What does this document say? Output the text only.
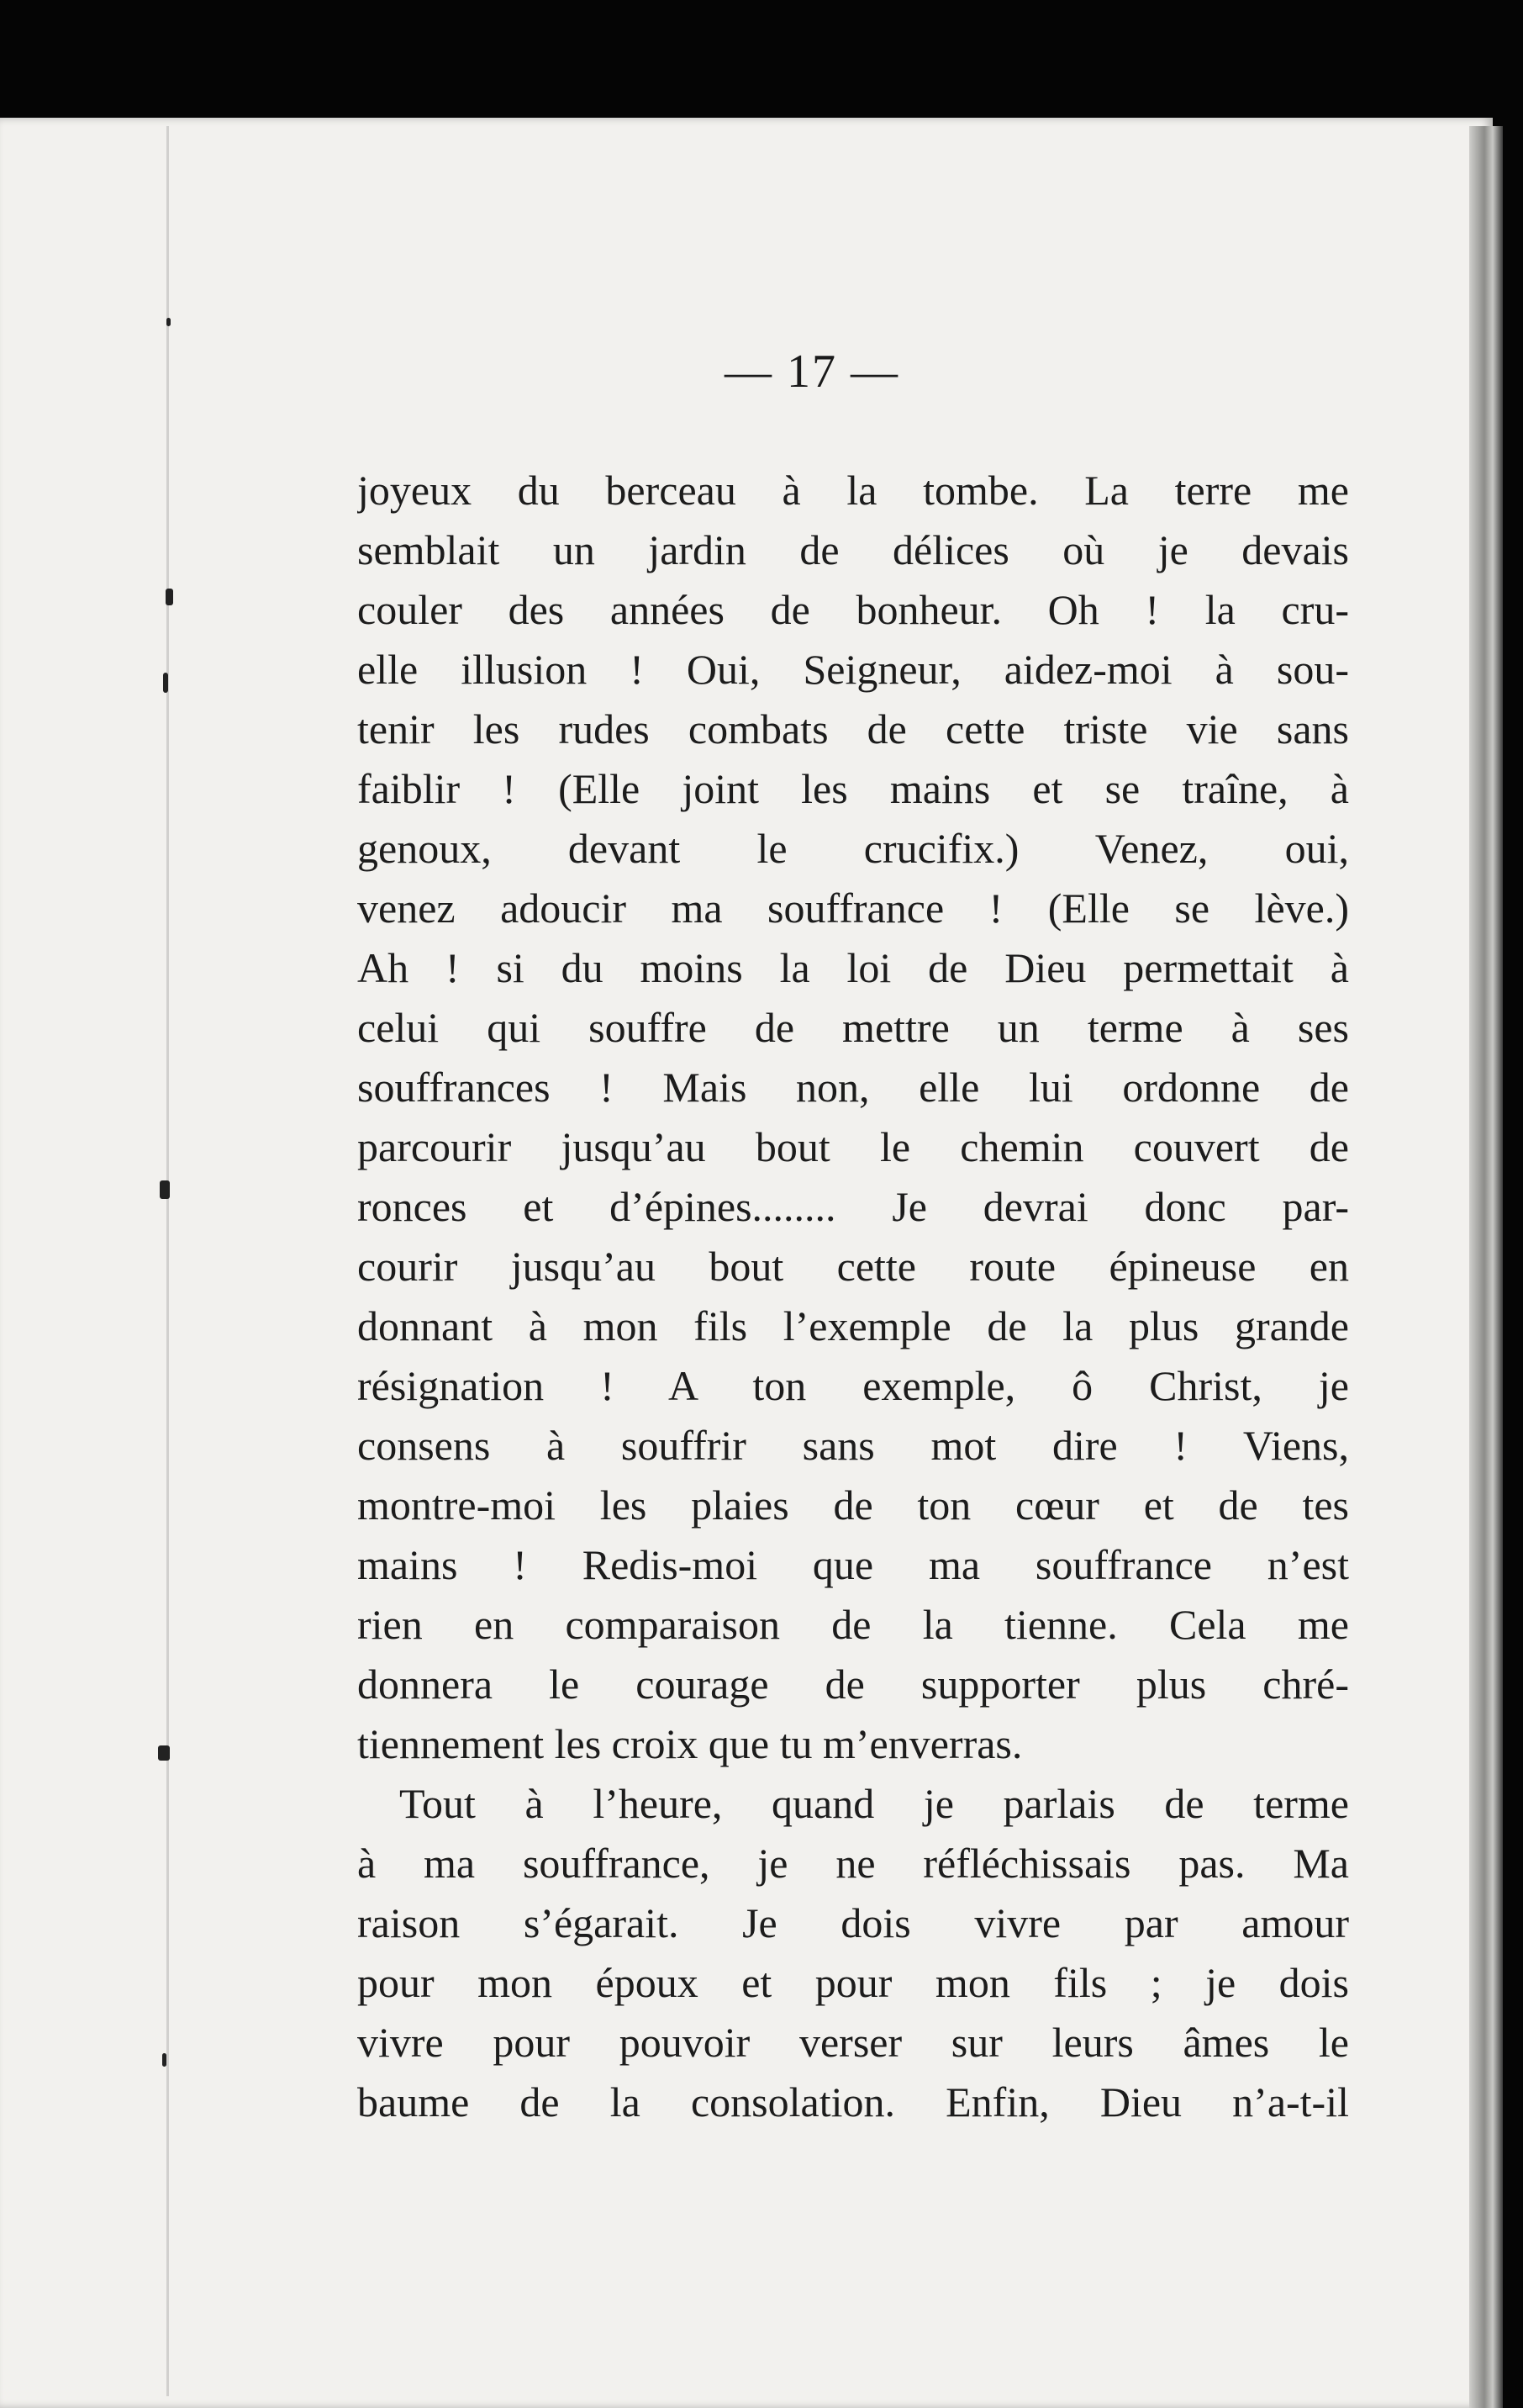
— 17 —
joyeux du berceau à la tombe. La terre me
semblait un jardin de délices où je devais
couler des années de bonheur. Oh ! la cru-
elle illusion ! Oui, Seigneur, aidez-moi à sou-
tenir les rudes combats de cette triste vie sans
faiblir ! (Elle joint les mains et se traîne, à
genoux, devant le crucifix.) Venez, oui,
venez adoucir ma souffrance ! (Elle se lève.)
Ah ! si du moins la loi de Dieu permettait à
celui qui souffre de mettre un terme à ses
souffrances ! Mais non, elle lui ordonne de
parcourir jusqu’au bout le chemin couvert de
ronces et d’épines........ Je devrai donc par-
courir jusqu’au bout cette route épineuse en
donnant à mon fils l’exemple de la plus grande
résignation ! A ton exemple, ô Christ, je
consens à souffrir sans mot dire ! Viens,
montre-moi les plaies de ton cœur et de tes
mains ! Redis-moi que ma souffrance n’est
rien en comparaison de la tienne. Cela me
donnera le courage de supporter plus chré-
tiennement les croix que tu m’enverras.
Tout à l’heure, quand je parlais de terme
à ma souffrance, je ne réfléchissais pas. Ma
raison s’égarait. Je dois vivre par amour
pour mon époux et pour mon fils ; je dois
vivre pour pouvoir verser sur leurs âmes le
baume de la consolation. Enfin, Dieu n’a-t-il
